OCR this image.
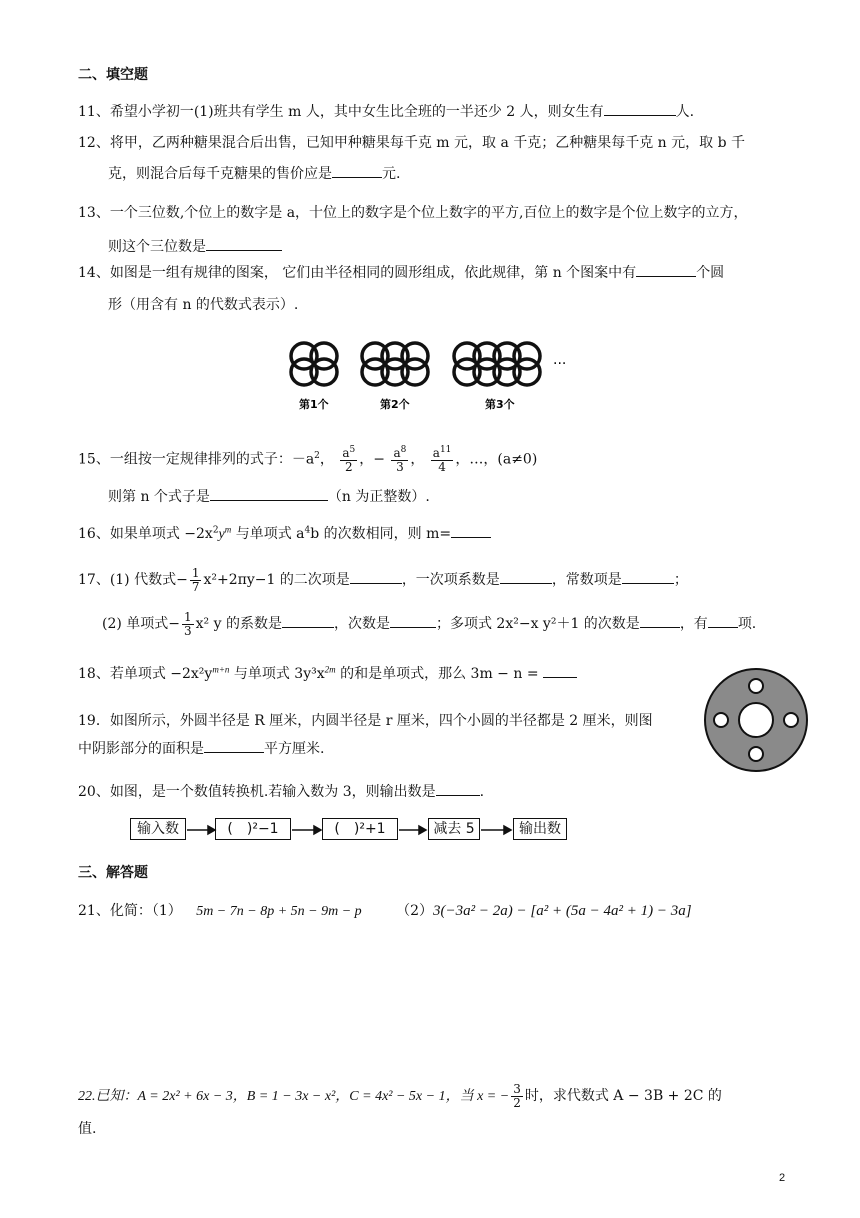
二、填空题
11、希望小学初一(1)班共有学生 m 人，其中女生比全班的一半还少 2 人，则女生有	人.
12、将甲，乙两种糖果混合后出售，已知甲种糖果每千克 m 元，取 a 千克；乙种糖果每千克 n 元，取 b 千
克，则混合后每千克糖果的售价应是	元.
13、一个三位数,个位上的数字是 a，十位上的数字是个位上数字的平方,百位上的数字是个位上数字的立方，
则这个三位数是
14、如图是一组有规律的图案， 它们由半径相同的圆形组成，依此规律，第 n 个图案中有	个圆
形（用含有 n 的代数式表示）.
···
第1个	第2个	第3个
15、一组按一定规律排列的式子：$-a^2$， $\frac{a^5}{2}$ ，− $\frac{a^8}{3}$ ， $\frac{a^{11}}{4}$ ，…，(a≠0)
则第 n 个式子是	（n 为正整数）.
16、如果单项式 $-2x^2y^m$ 与单项式 $a^4b$ 的次数相同，则 m=
17、(1) 代数式− $\frac{1}{7} x^2+2\pi y-1$ 的二次项是	，一次项系数是	，常数项是	；
(2) 单项式− $\frac{1}{3} x^2$ y 的系数是	，次数是	；多项式 2x²−x y²＋1 的次数是	，有 项.
18、若单项式 $-2x^2y^{m+n}$ 与单项式 $3y^3x^{2m}$ 的和是单项式，那么 3m − n =
19．如图所示，外圆半径是 R 厘米，内圆半径是 r 厘米，四个小圆的半径都是 2 厘米，则图
中阴影部分的面积是	平方厘米.
20、如图，是一个数值转换机.若输入数为 3，则输出数是	.
输入数	(　)²−1	(　)²+1	减去 5	输出数
三、解答题
21、化简：（1） 5m − 7n − 8p + 5n − 9m − p （2）3(−3a² − 2a) − [a² + (5a − 4a² + 1) − 3a]
22.已知：A = 2x² + 6x − 3，B = 1 − 3x − x²，C = 4x² − 5x − 1，当 x = − $\frac{3}{2}$ 时，求代数式 A − 3B + 2C 的
值.
2
